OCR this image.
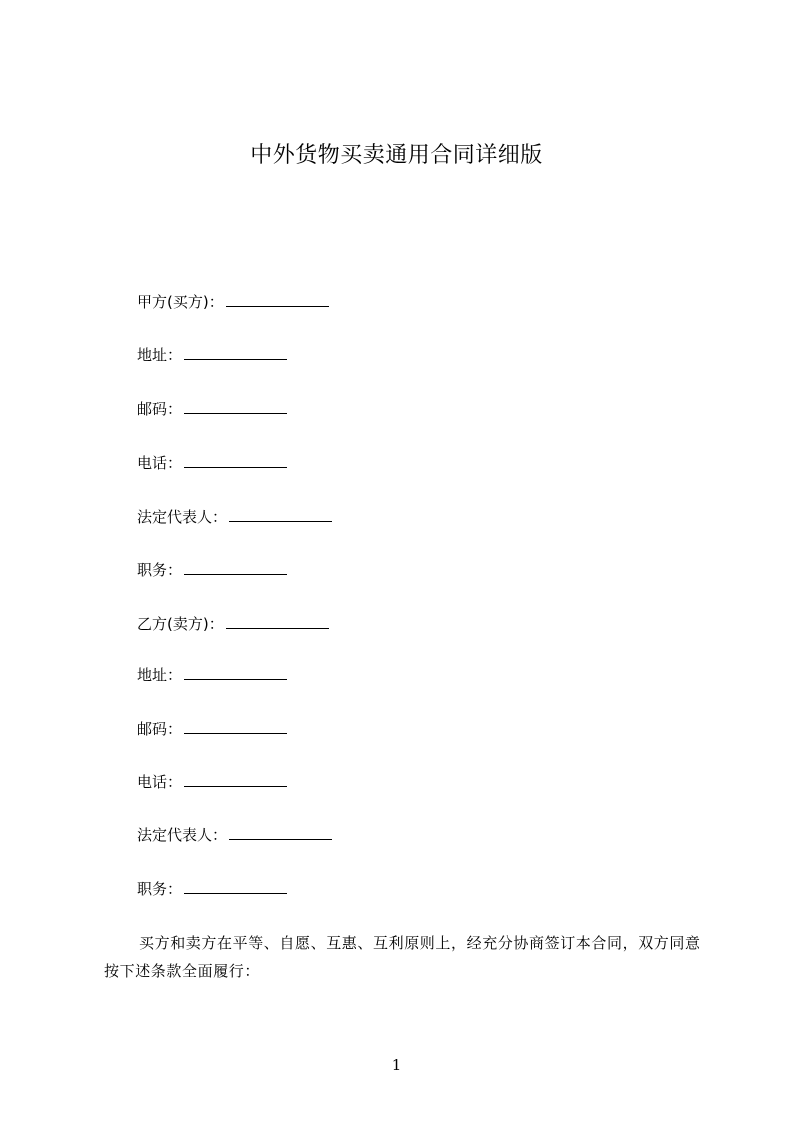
中外货物买卖通用合同详细版
甲方(买方)：
地址：
邮码：
电话：
法定代表人：
职务：
乙方(卖方)：
地址：
邮码：
电话：
法定代表人：
职务：
买方和卖方在平等、自愿、互惠、互利原则上，经充分协商签订本合同，双方同意按下述条款全面履行：
1
